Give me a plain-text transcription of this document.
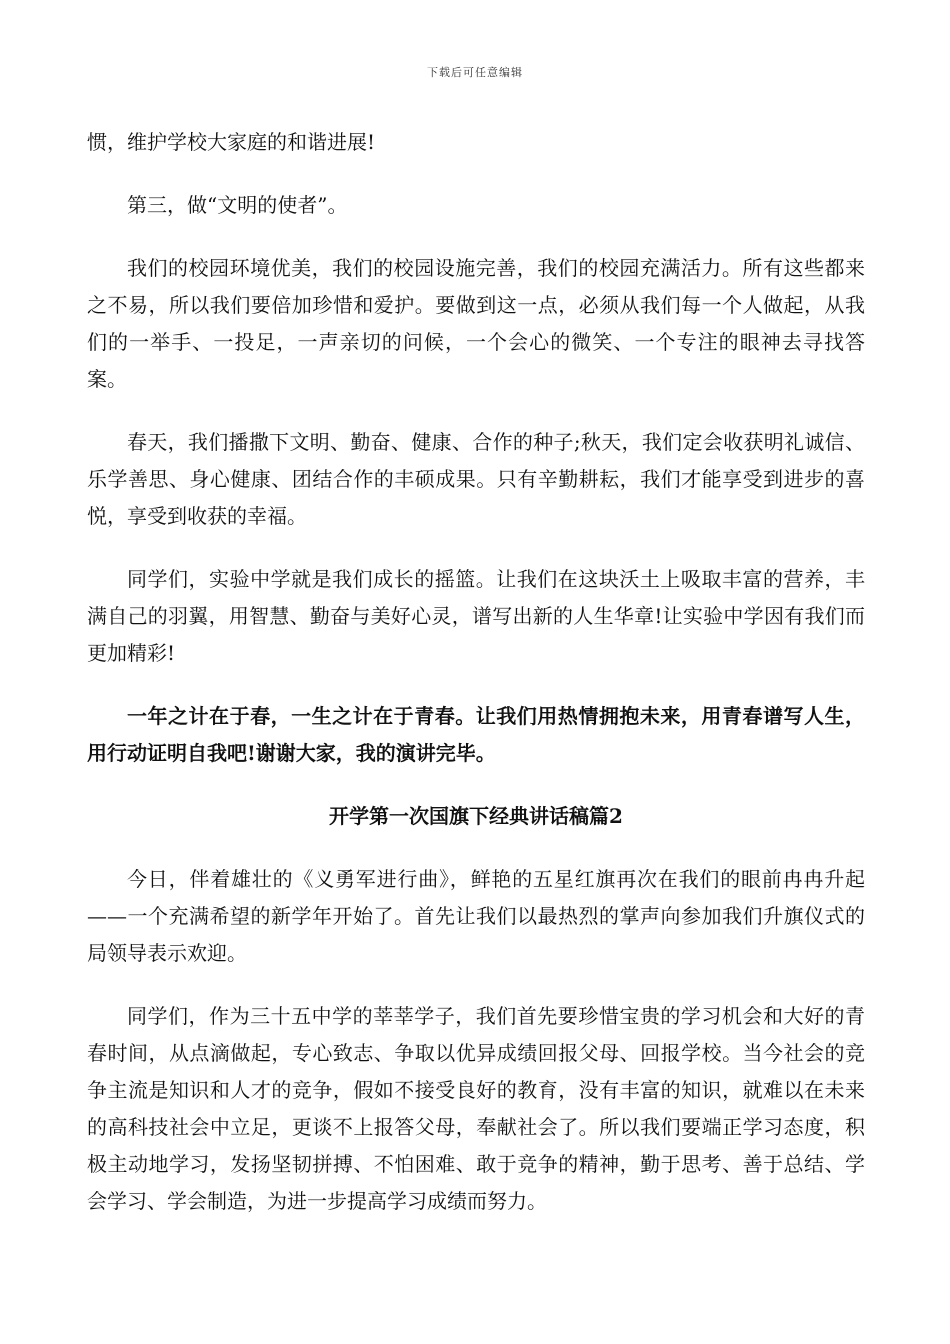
下载后可任意编辑

惯，维护学校大家庭的和谐进展!

第三，做“文明的使者”。

我们的校园环境优美，我们的校园设施完善，我们的校园充满活力。所有这些都来之不易，所以我们要倍加珍惜和爱护。要做到这一点，必须从我们每一个人做起，从我们的一举手、一投足，一声亲切的问候，一个会心的微笑、一个专注的眼神去寻找答案。

春天，我们播撒下文明、勤奋、健康、合作的种子;秋天，我们定会收获明礼诚信、乐学善思、身心健康、团结合作的丰硕成果。只有辛勤耕耘，我们才能享受到进步的喜悦，享受到收获的幸福。

同学们，实验中学就是我们成长的摇篮。让我们在这块沃土上吸取丰富的营养，丰满自己的羽翼，用智慧、勤奋与美好心灵，谱写出新的人生华章!让实验中学因有我们而更加精彩!

一年之计在于春，一生之计在于青春。让我们用热情拥抱未来，用青春谱写人生，用行动证明自我吧!谢谢大家，我的演讲完毕。

开学第一次国旗下经典讲话稿篇2

今日，伴着雄壮的《义勇军进行曲》，鲜艳的五星红旗再次在我们的眼前冉冉升起——一个充满希望的新学年开始了。首先让我们以最热烈的掌声向参加我们升旗仪式的局领导表示欢迎。

同学们，作为三十五中学的莘莘学子，我们首先要珍惜宝贵的学习机会和大好的青春时间，从点滴做起，专心致志、争取以优异成绩回报父母、回报学校。当今社会的竞争主流是知识和人才的竞争，假如不接受良好的教育，没有丰富的知识，就难以在未来的高科技社会中立足，更谈不上报答父母，奉献社会了。所以我们要端正学习态度，积极主动地学习，发扬坚韧拼搏、不怕困难、敢于竞争的精神，勤于思考、善于总结、学会学习、学会制造，为进一步提高学习成绩而努力。
